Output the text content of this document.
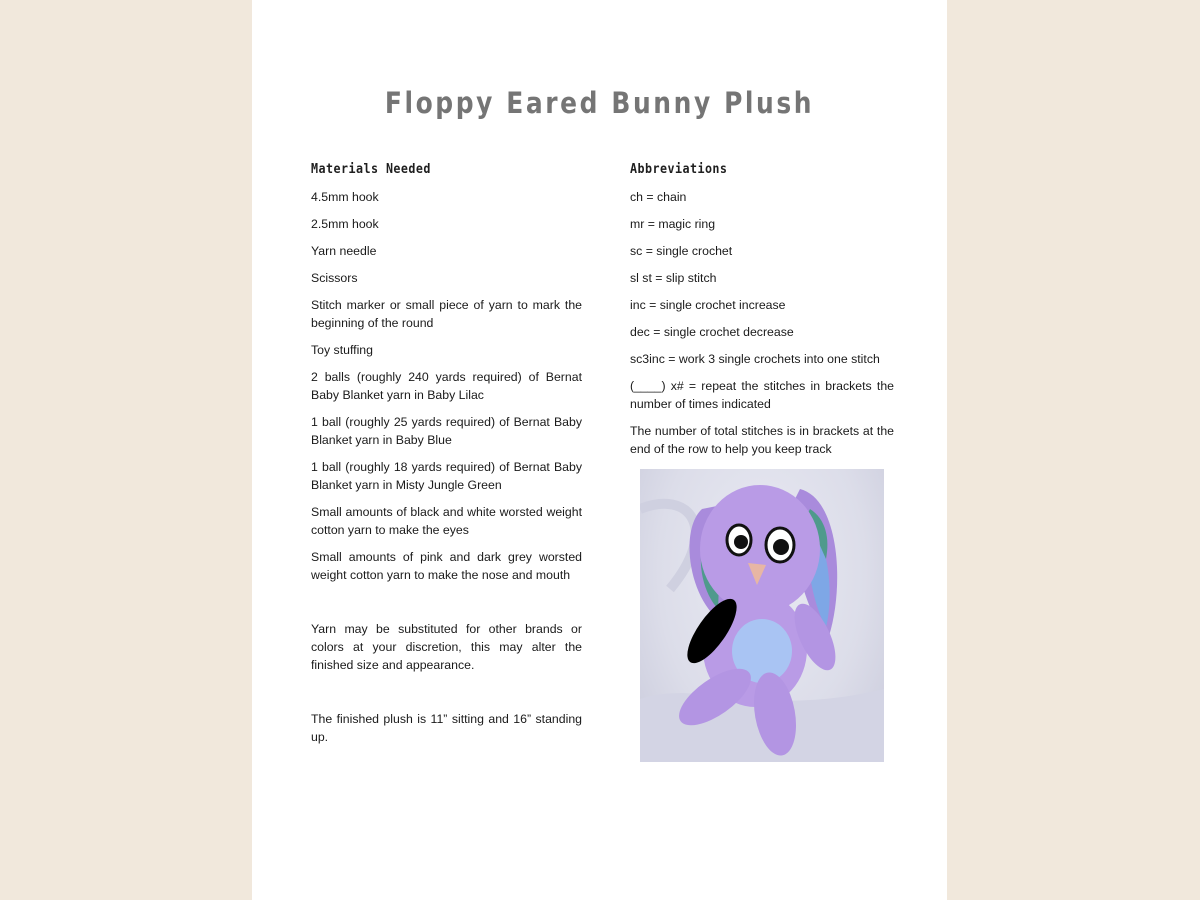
Floppy Eared Bunny Plush
Materials Needed

4.5mm hook

2.5mm hook

Yarn needle

Scissors

Stitch marker or small piece of yarn to mark the beginning of the round

Toy stuffing

2 balls (roughly 240 yards required) of Bernat Baby Blanket yarn in Baby Lilac

1 ball (roughly 25 yards required) of Bernat Baby Blanket yarn in Baby Blue

1 ball (roughly 18 yards required) of Bernat Baby Blanket yarn in Misty Jungle Green

Small amounts of black and white worsted weight cotton yarn to make the eyes

Small amounts of pink and dark grey worsted weight cotton yarn to make the nose and mouth

Yarn may be substituted for other brands or colors at your discretion, this may alter the finished size and appearance.

The finished plush is 11” sitting and 16” standing up.

Abbreviations

ch = chain

mr = magic ring

sc = single crochet

sl st = slip stitch

inc = single crochet increase

dec = single crochet decrease

sc3inc = work 3 single crochets into one stitch

(____) x# = repeat the stitches in brackets the number of times indicated

The number of total stitches is in brackets at the end of the row to help you keep track
